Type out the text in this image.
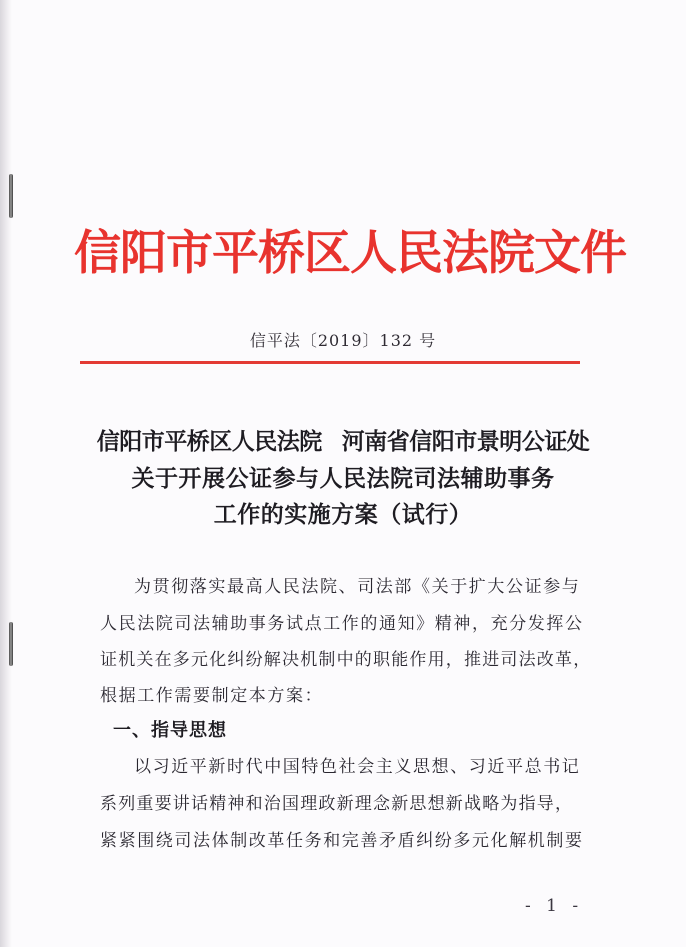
信阳市平桥区人民法院文件
信平法〔2019〕132 号
信阳市平桥区人民法院 河南省信阳市景明公证处
关于开展公证参与人民法院司法辅助事务
工作的实施方案（试行）
为贯彻落实最高人民法院、司法部《关于扩大公证参与
人民法院司法辅助事务试点工作的通知》精神，充分发挥公
证机关在多元化纠纷解决机制中的职能作用，推进司法改革，
根据工作需要制定本方案：
一、指导思想
以习近平新时代中国特色社会主义思想、习近平总书记
系列重要讲话精神和治国理政新理念新思想新战略为指导，
紧紧围绕司法体制改革任务和完善矛盾纠纷多元化解机制要
- 1 -
